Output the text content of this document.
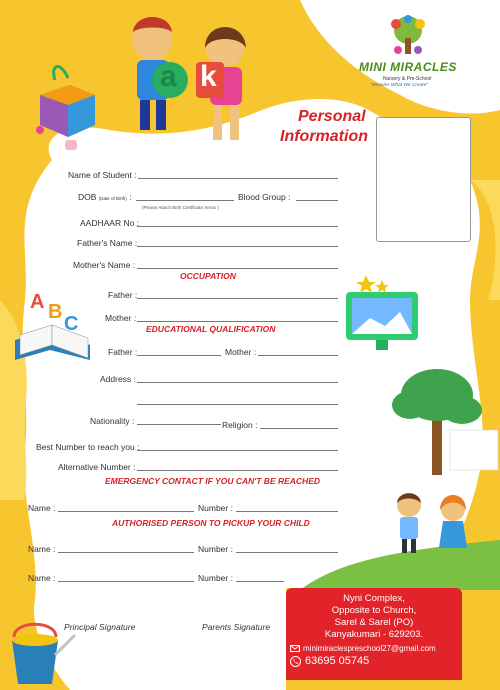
a k
A B
C
MINI MIRACLES
Nursery & Pre-School
"Miracles What We Create"
Personal
Information
Name of Student :
DOB (Date of Birth) :
(Please Attach Birth Certificate Xerox )
Blood Group :
AADHAAR No :
Father's Name :
Mother's Name :
OCCUPATION
Father :
Mother :
EDUCATIONAL QUALIFICATION
Father :	Mother :
Address :
Nationality :	Religion :
Best Number to reach you :
Alternative Number :
EMERGENCY CONTACT IF YOU CAN'T BE REACHED
Name :	Number :
AUTHORISED PERSON TO PICKUP YOUR CHILD
Name :	Number :
Name :	Number :
Principal Signature	Parents Signature
Nyni Complex,
Opposite to Church,
Sarel & Sarel (PO)
Kanyakumari - 629203.
minimiraclespreschool27@gmail.com
63695 05745
